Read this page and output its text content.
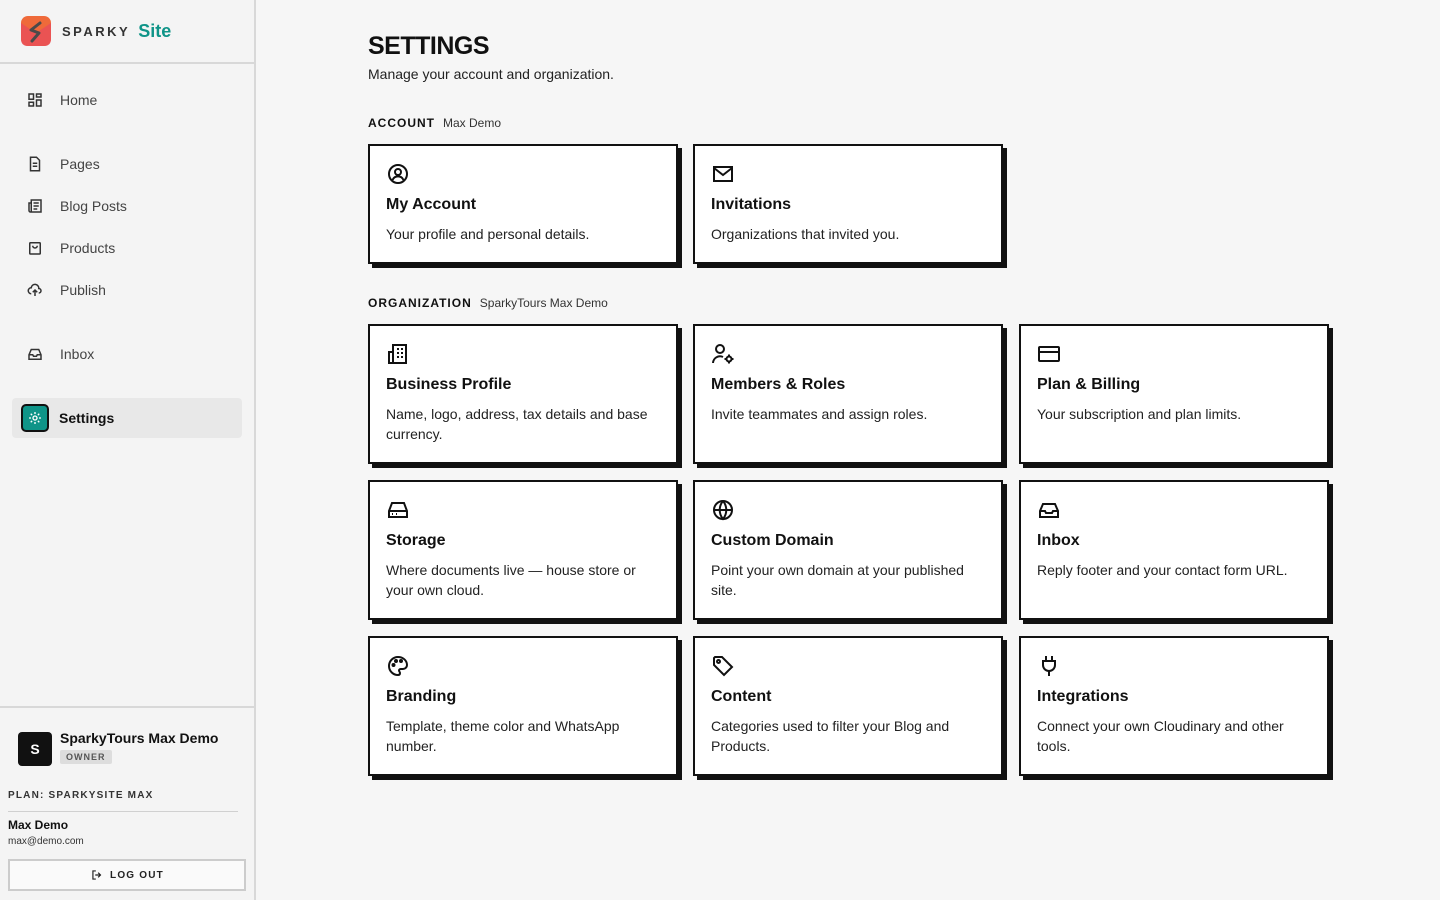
SPARKY Site
Home
Pages
Blog Posts
Products
Publish
Inbox
Settings
S
SparkyTours Max Demo
OWNER
PLAN: SPARKYSITE MAX
Max Demo
max@demo.com
LOG OUT
SETTINGS

Manage your account and organization.

ACCOUNT Max Demo
My Account
Your profile and personal details.
Invitations
Organizations that invited you.
ORGANIZATION SparkyTours Max Demo
Business Profile
Name, logo, address, tax details and base currency.
Members & Roles
Invite teammates and assign roles.
Plan & Billing
Your subscription and plan limits.
Storage
Where documents live — house store or your own cloud.
Custom Domain
Point your own domain at your published site.
Inbox
Reply footer and your contact form URL.
Branding
Template, theme color and WhatsApp number.
Content
Categories used to filter your Blog and Products.
Integrations
Connect your own Cloudinary and other tools.
